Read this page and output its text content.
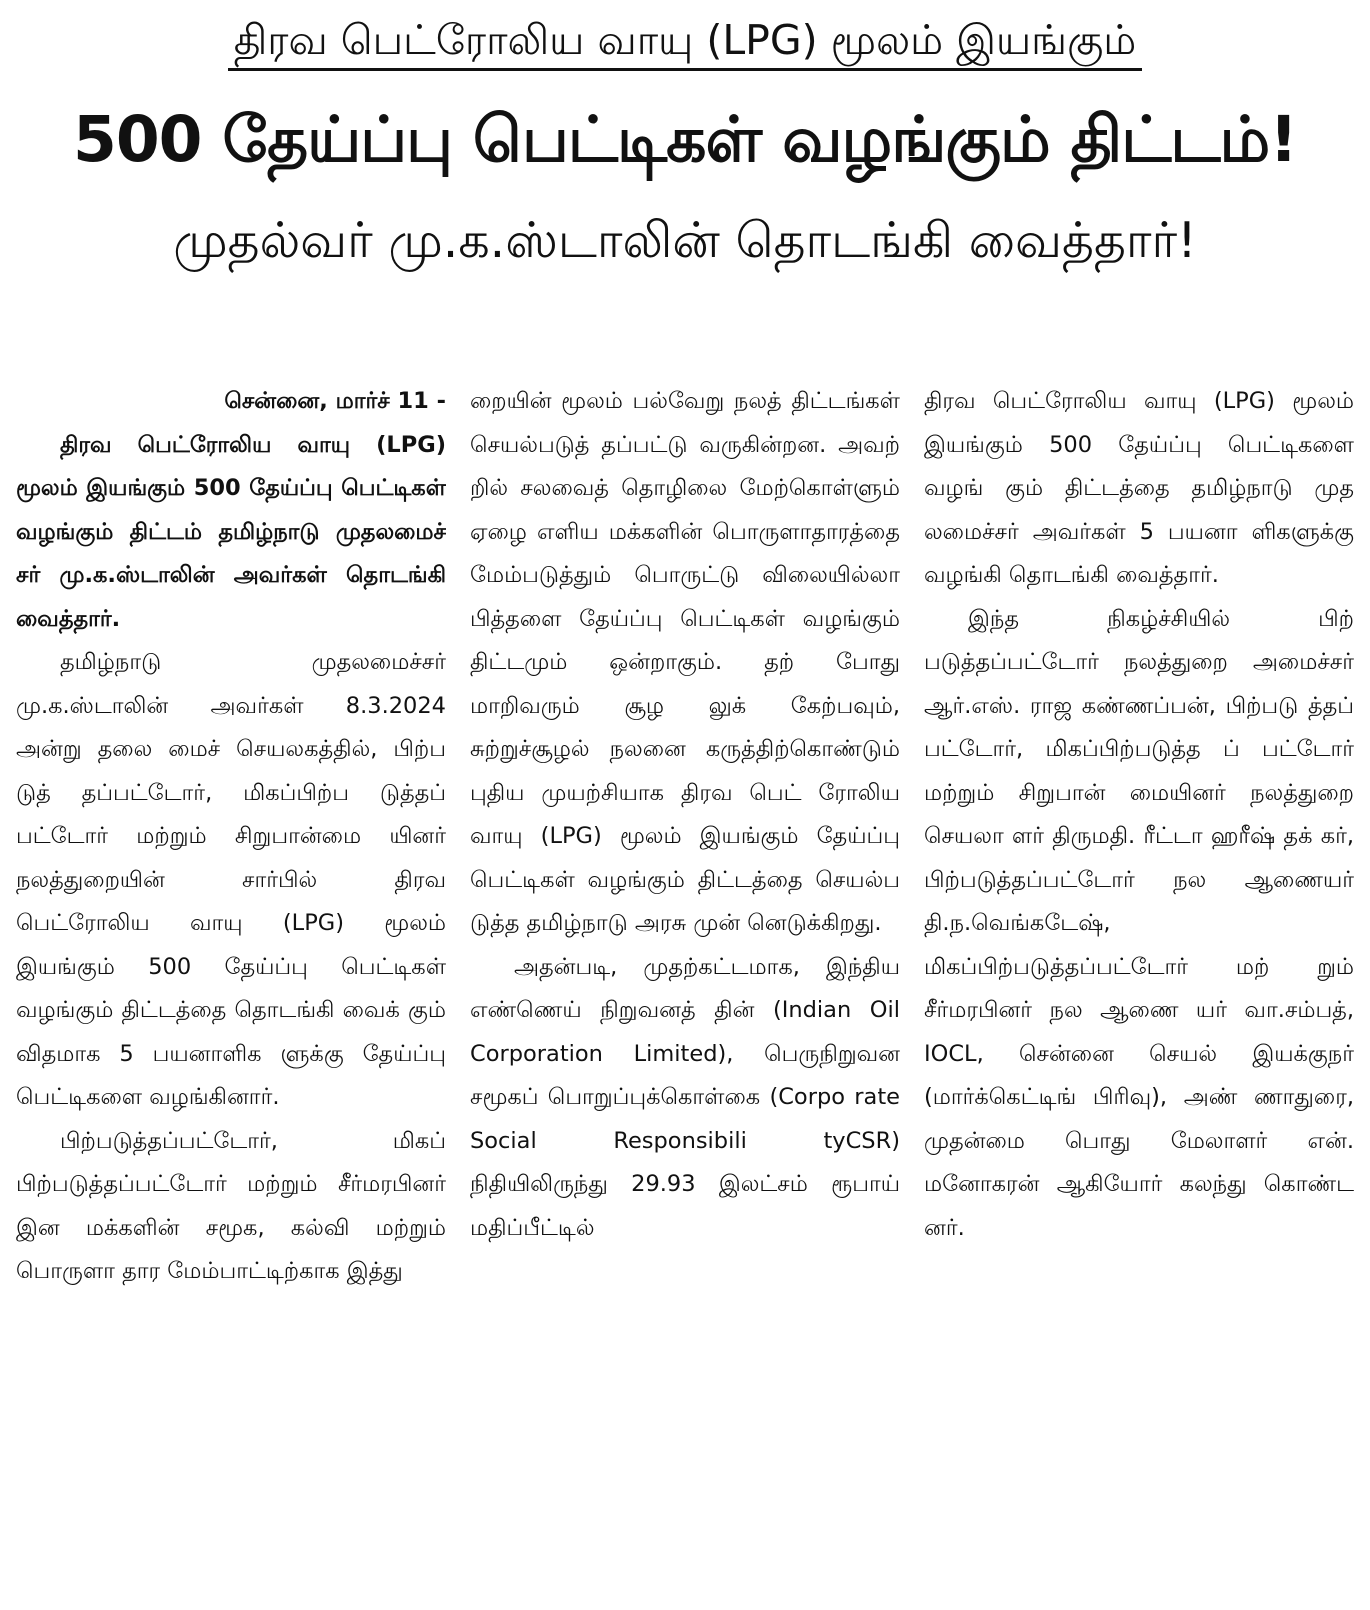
திரவ பெட்ரோலிய வாயு (LPG) மூலம் இயங்கும்
500 தேய்ப்பு பெட்டிகள் வழங்கும் திட்டம்!
முதல்வர் மு.க.ஸ்டாலின் தொடங்கி வைத்தார்!

சென்னை, மார்ச் 11 -

திரவ பெட்ரோலிய வாயு (LPG) மூலம் இயங்கும் 500 தேய்ப்பு பெட்டிகள் வழங்கும் திட்டம் தமிழ்நாடு முதலமைச் சர் மு.க.ஸ்டாலின் அவர்கள் தொடங்கி வைத்தார்.

தமிழ்நாடு முதலமைச்சர் மு.க.ஸ்டாலின் அவர்கள் 8.3.2024 அன்று தலை மைச் செயலகத்தில், பிற்ப டுத் தப்பட்டோர், மிகப்பிற்ப டுத்தப் பட்டோர் மற்றும் சிறுபான்மை யினர் நலத்துறையின் சார்பில் திரவ பெட்ரோலிய வாயு (LPG) மூலம் இயங்கும் 500 தேய்ப்பு பெட்டிகள் வழங்கும் திட்டத்தை தொடங்கி வைக் கும் விதமாக 5 பயனாளிக ளுக்கு தேய்ப்பு பெட்டிகளை வழங்கினார்.

பிற்படுத்தப்பட்டோர், மிகப் பிற்படுத்தப்பட்டோர் மற்றும் சீர்மரபினர் இன மக்களின் சமூக, கல்வி மற்றும் பொருளா தார மேம்பாட்டிற்காக இத்து

றையின் மூலம் பல்வேறு நலத் திட்டங்கள் செயல்படுத் தப்பட்டு வருகின்றன. அவற் றில் சலவைத் தொழிலை மேற்கொள்ளும் ஏழை எளிய மக்களின் பொருளாதாரத்தை மேம்படுத்தும் பொருட்டு விலையில்லா பித்தளை தேய்ப்பு பெட்டிகள் வழங்கும் திட்டமும் ஒன்றாகும். தற் போது மாறிவரும் சூழ லுக் கேற்பவும், சுற்றுச்சூழல் நலனை கருத்திற்கொண்டும் புதிய முயற்சியாக திரவ பெட் ரோலிய வாயு (LPG) மூலம் இயங்கும் தேய்ப்பு பெட்டிகள் வழங்கும் திட்டத்தை செயல்ப டுத்த தமிழ்நாடு அரசு முன் னெடுக்கிறது.

அதன்படி, முதற்கட்டமாக, இந்திய எண்ணெய் நிறுவனத் தின் (Indian Oil Corporation Limited), பெருநிறுவன சமூகப் பொறுப்புக்கொள்கை (Corpo rate Social Responsibili tyCSR) நிதியிலிருந்து 29.93 இலட்சம் ரூபாய் மதிப்பீட்டில்

திரவ பெட்ரோலிய வாயு (LPG) மூலம் இயங்கும் 500 தேய்ப்பு பெட்டிகளை வழங் கும் திட்டத்தை தமிழ்நாடு முத லமைச்சர் அவர்கள் 5 பயனா ளிகளுக்கு வழங்கி தொடங்கி வைத்தார்.

இந்த நிகழ்ச்சியில் பிற் படுத்தப்பட்டோர் நலத்துறை அமைச்சர் ஆர்.எஸ். ராஜ கண்ணப்பன், பிற்படு த்தப் பட்டோர், மிகப்பிற்படுத்த ப் பட்டோர் மற்றும் சிறுபான் மையினர் நலத்துறை செயலா ளர் திருமதி. ரீட்டா ஹரீஷ் தக் கர், பிற்படுத்தப்பட்டோர் நல ஆணையர் தி.ந.வெங்கடேஷ், மிகப்பிற்படுத்தப்பட்டோர் மற் றும் சீர்மரபினர் நல ஆணை யர் வா.சம்பத், IOCL, சென்னை செயல் இயக்குநர் (மார்க்கெட்டிங் பிரிவு), அண் ணாதுரை, முதன்மை பொது மேலாளர் என். மனோகரன் ஆகியோர் கலந்து கொண்ட னர்.
